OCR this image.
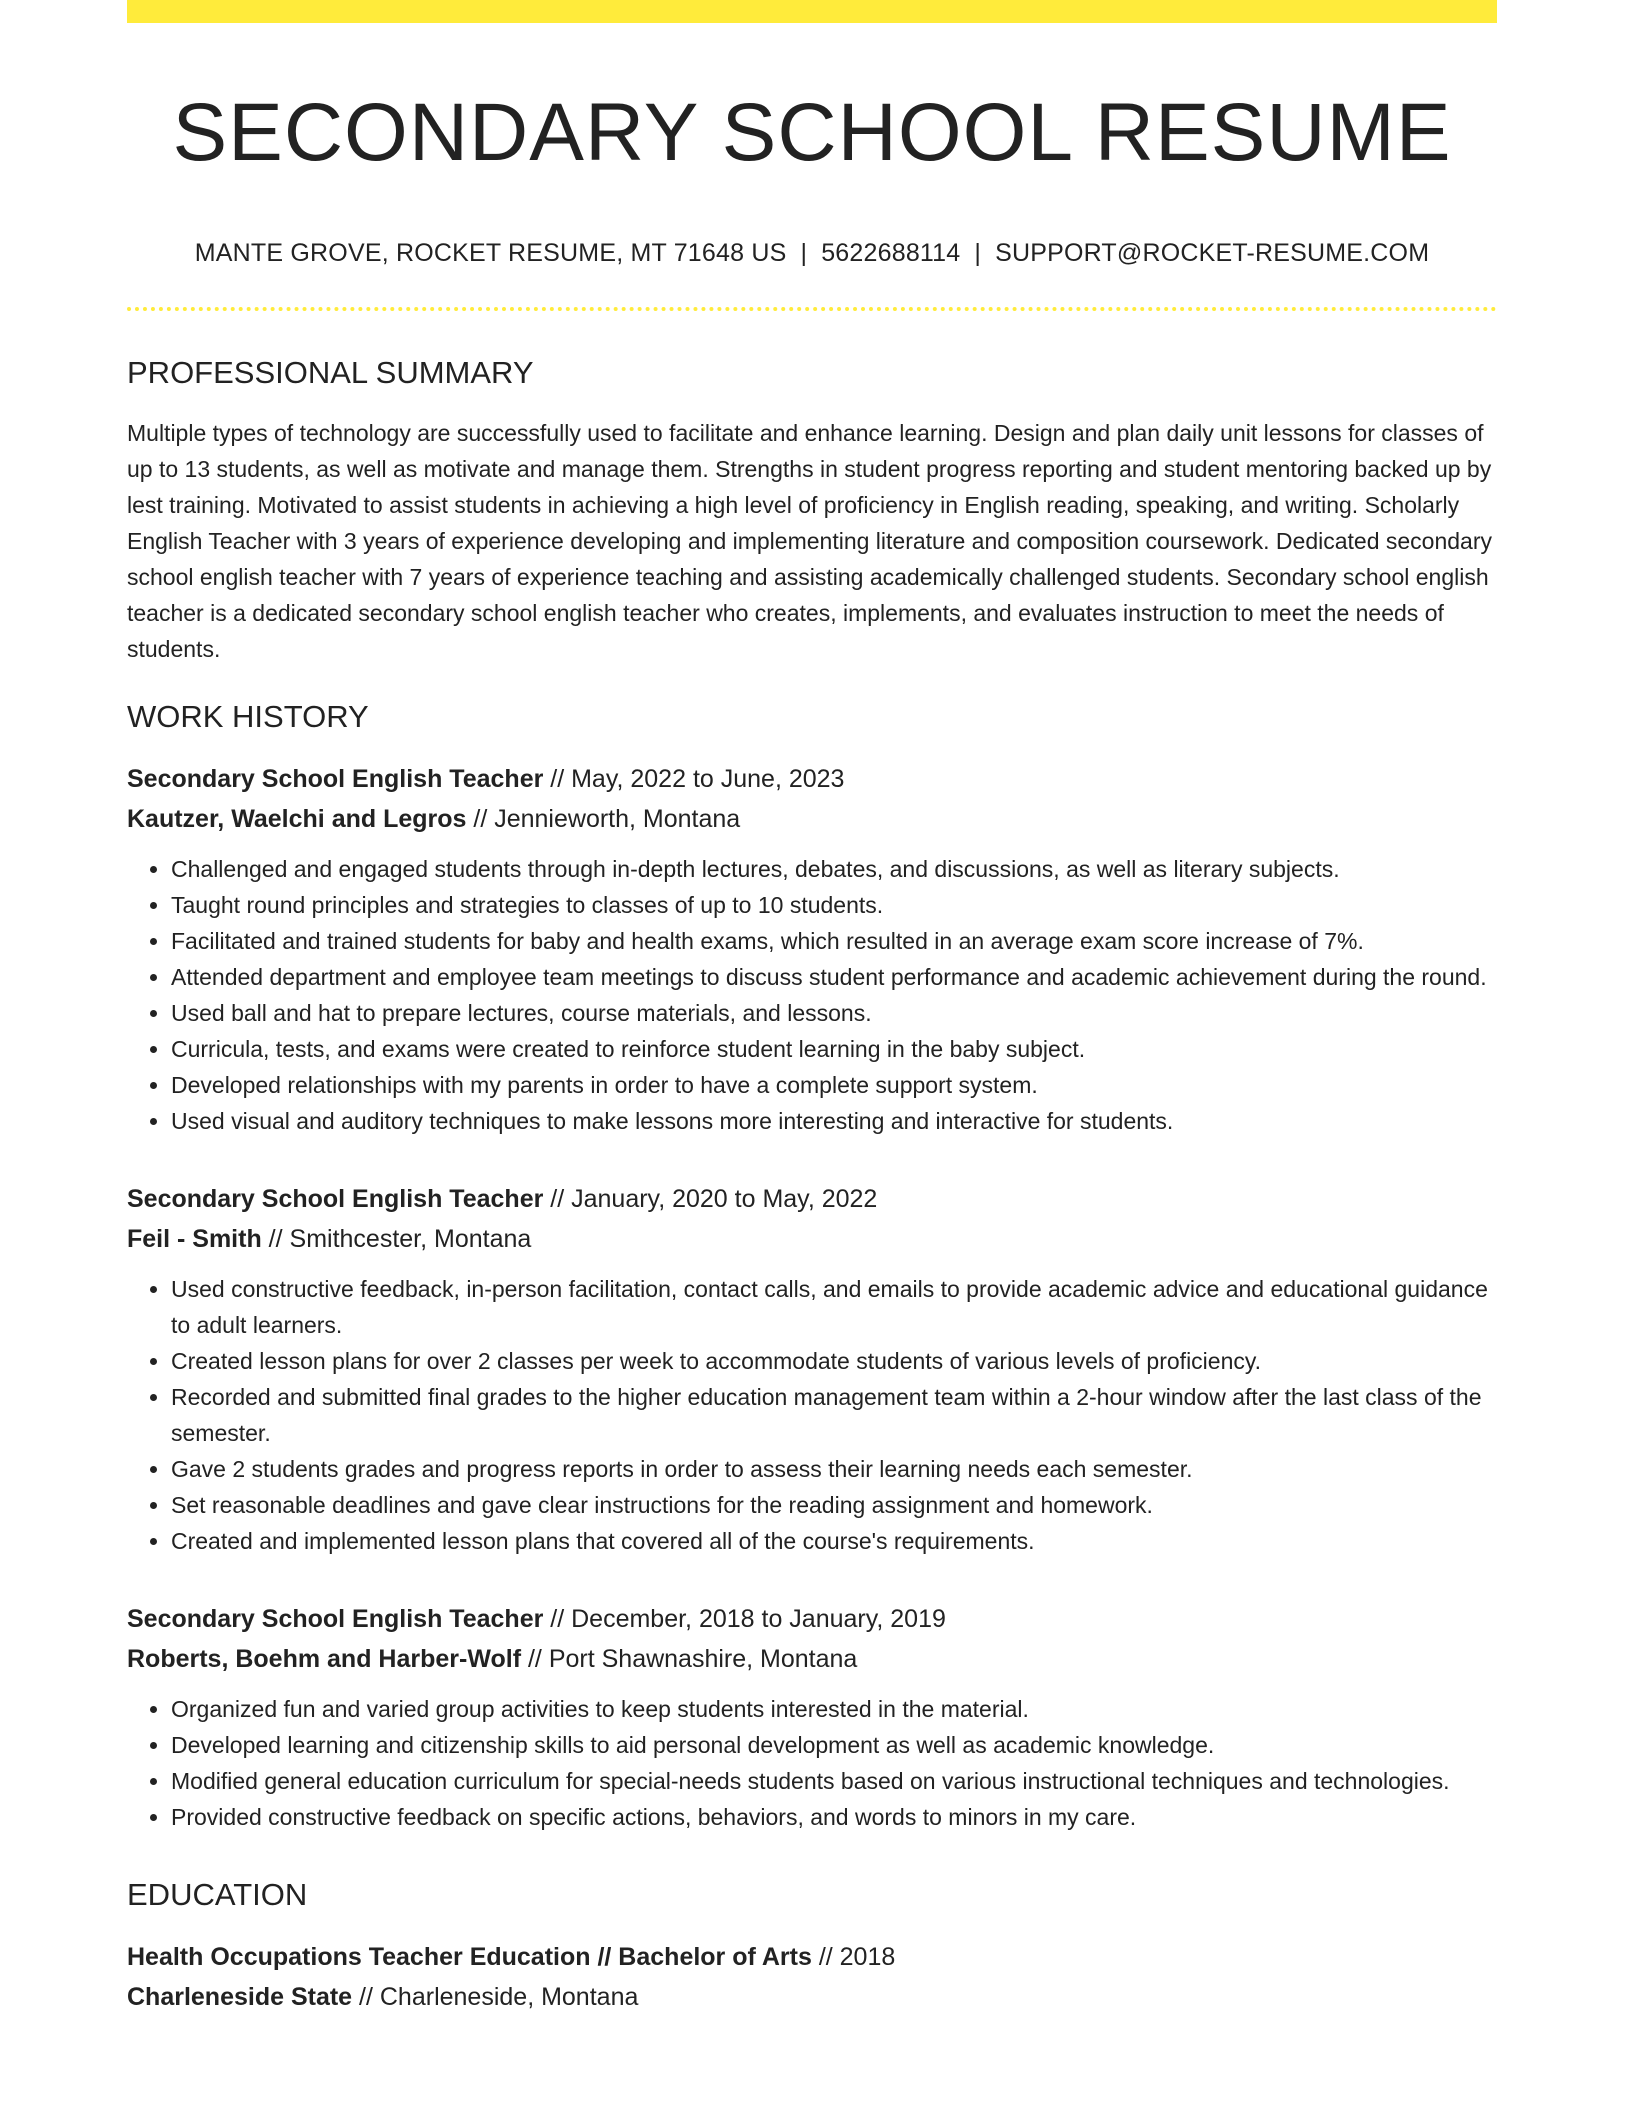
SECONDARY SCHOOL RESUME
MANTE GROVE, ROCKET RESUME, MT 71648 US | 5622688114 | SUPPORT@ROCKET-RESUME.COM
PROFESSIONAL SUMMARY
Multiple types of technology are successfully used to facilitate and enhance learning. Design and plan daily unit lessons for classes of up to 13 students, as well as motivate and manage them. Strengths in student progress reporting and student mentoring backed up by lest training. Motivated to assist students in achieving a high level of proficiency in English reading, speaking, and writing. Scholarly English Teacher with 3 years of experience developing and implementing literature and composition coursework. Dedicated secondary school english teacher with 7 years of experience teaching and assisting academically challenged students. Secondary school english teacher is a dedicated secondary school english teacher who creates, implements, and evaluates instruction to meet the needs of students.
WORK HISTORY
Secondary School English Teacher // May, 2022 to June, 2023
Kautzer, Waelchi and Legros // Jennieworth, Montana
• Challenged and engaged students through in-depth lectures, debates, and discussions, as well as literary subjects.
• Taught round principles and strategies to classes of up to 10 students.
• Facilitated and trained students for baby and health exams, which resulted in an average exam score increase of 7%.
• Attended department and employee team meetings to discuss student performance and academic achievement during the round.
• Used ball and hat to prepare lectures, course materials, and lessons.
• Curricula, tests, and exams were created to reinforce student learning in the baby subject.
• Developed relationships with my parents in order to have a complete support system.
• Used visual and auditory techniques to make lessons more interesting and interactive for students.
Secondary School English Teacher // January, 2020 to May, 2022
Feil - Smith // Smithcester, Montana
• Used constructive feedback, in-person facilitation, contact calls, and emails to provide academic advice and educational guidance to adult learners.
• Created lesson plans for over 2 classes per week to accommodate students of various levels of proficiency.
• Recorded and submitted final grades to the higher education management team within a 2-hour window after the last class of the semester.
• Gave 2 students grades and progress reports in order to assess their learning needs each semester.
• Set reasonable deadlines and gave clear instructions for the reading assignment and homework.
• Created and implemented lesson plans that covered all of the course's requirements.
Secondary School English Teacher // December, 2018 to January, 2019
Roberts, Boehm and Harber-Wolf // Port Shawnashire, Montana
• Organized fun and varied group activities to keep students interested in the material.
• Developed learning and citizenship skills to aid personal development as well as academic knowledge.
• Modified general education curriculum for special-needs students based on various instructional techniques and technologies.
• Provided constructive feedback on specific actions, behaviors, and words to minors in my care.
EDUCATION
Health Occupations Teacher Education // Bachelor of Arts // 2018
Charleneside State // Charleneside, Montana
